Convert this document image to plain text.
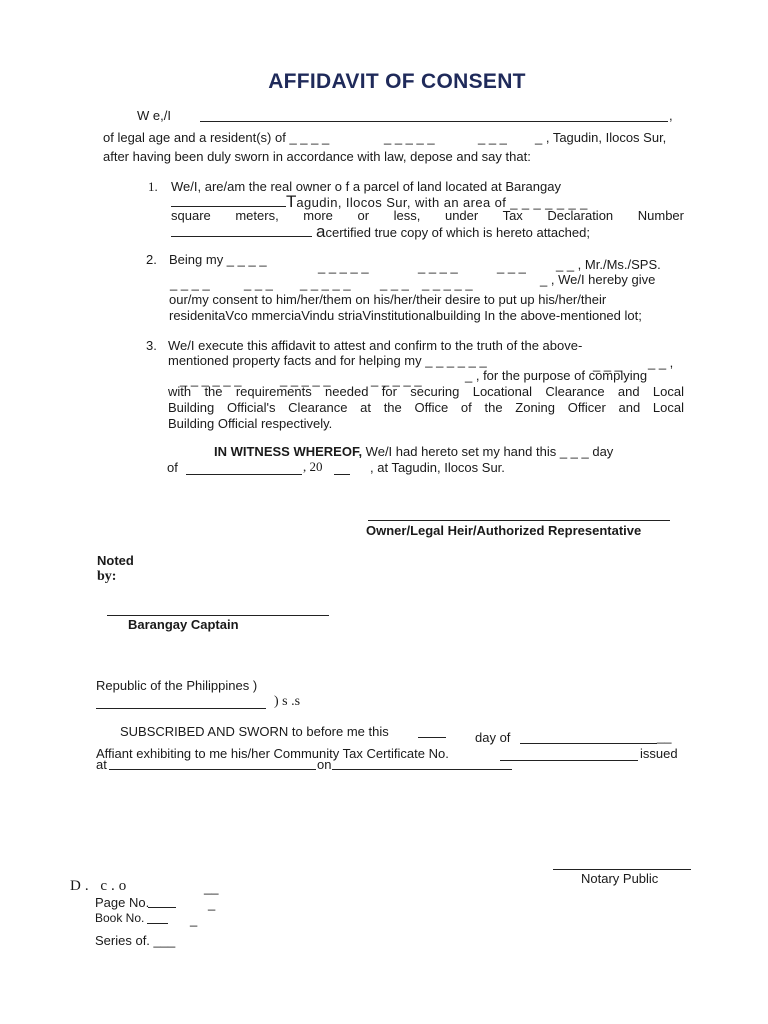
AFFIDAVIT OF CONSENT
W e,/I	,
of legal age and a resident(s) of _ _ _ _	_ _ _ _ _	_ _ _ _ , Tagudin, Ilocos Sur,
after having been duly sworn in accordance with law, depose and say that:
1. We/I, are/am the real owner o f a parcel of land located at Barangay
Tagudin, Ilocos Sur, with an area of _ _ _ _ _ _ _
square meters, more or less, under Tax Declaration Number
acertified true copy of which is hereto attached;
2. Being my _ _ _ _	_ _ _ _ _	_ _ _ _	_ _ _ _ _ , Mr./Ms./SPS.
_ _ _ _	_ _ _ _ _ _ _ _ _ _ _ _ _ _ _ _	_ , We/I hereby give
our/my consent to him/her/them on his/her/their desire to put up his/her/their
residenitaVco mmerciaVindu striaVinstitutionalbuilding In the above-mentioned lot;
3. We/I execute this affidavit to attest and confirm to the truth of the above-
mentioned property facts and for helping my _ _ _ _ _ _	_ _ _ _ _ ,
_ _ _ _ _ _	_ _ _ _ _	_ _ _ _ _	_ , for the purpose of complying
with the requirements needed for securing Locational Clearance and Local
Building Official's Clearance at the Office of the Zoning Officer and Local
Building Official respectively.
IN WITNESS WHEREOF, We/I had hereto set my hand this _ _ _ day
of	, 20	, at Tagudin, Ilocos Sur.
Owner/Legal Heir/Authorized Representative
Noted
by:
Barangay Captain
Republic of the Philippines )
) s .s
SUBSCRIBED AND SWORN to before me this	day of	__
Affiant exhibiting to me his/her Community Tax Certificate No.	issued
at	on
Notary Public
D. c.o	__
Page No.	_
Book No.	_
Series of. ___
